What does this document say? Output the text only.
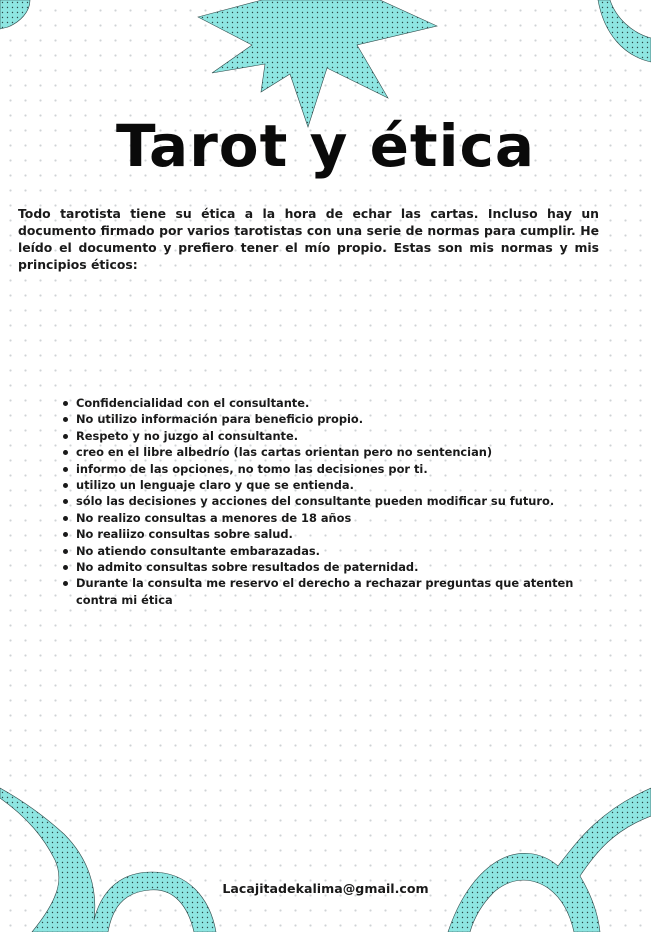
Tarot y ética

Todo tarotista tiene su ética a la hora de echar las cartas. Incluso hay un documento firmado por varios tarotistas con una serie de normas para cumplir. He leído el documento y prefiero tener el mío propio. Estas son mis normas y mis principios éticos:

Confidencialidad con el consultante.
No utilizo información para beneficio propio.
Respeto y no juzgo al consultante.
creo en el libre albedrío (las cartas orientan pero no sentencian)
informo de las opciones, no tomo las decisiones por ti.
utilizo un lenguaje claro y que se entienda.
sólo las decisiones y acciones del consultante pueden modificar su futuro.
No realizo consultas a menores de 18 años
No realiizo consultas sobre salud.
No atiendo consultante embarazadas.
No admito consultas sobre resultados de paternidad.
Durante la consulta me reservo el derecho a rechazar preguntas que atenten contra mi ética
Lacajitadekalima@gmail.com
